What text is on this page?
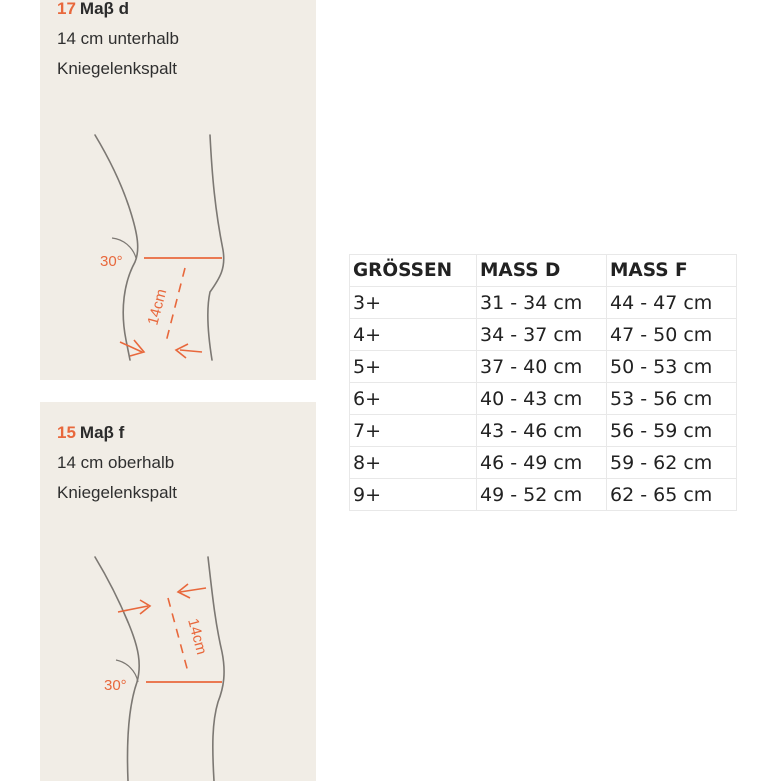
17 Maβ d
14 cm unterhalb
Kniegelenkspalt
30°
14cm
15 Maβ f
14 cm oberhalb
Kniegelenkspalt
30°
14cm
GRÖSSEN	MASS D	MASS F
3+	31 - 34 cm	44 - 47 cm
4+	34 - 37 cm	47 - 50 cm
5+	37 - 40 cm	50 - 53 cm
6+	40 - 43 cm	53 - 56 cm
7+	43 - 46 cm	56 - 59 cm
8+	46 - 49 cm	59 - 62 cm
9+	49 - 52 cm	62 - 65 cm
